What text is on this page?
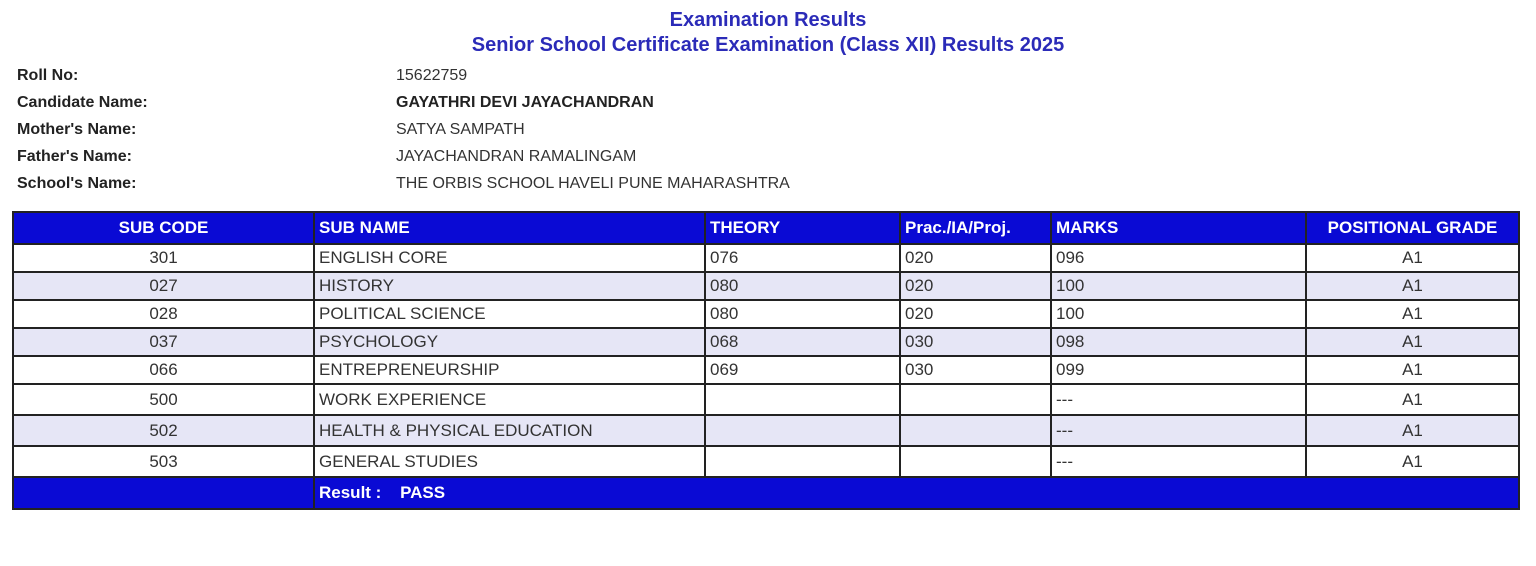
Examination Results
Senior School Certificate Examination (Class XII) Results 2025
Roll No:	15622759
Candidate Name:	GAYATHRI DEVI JAYACHANDRAN
Mother's Name:	SATYA SAMPATH
Father's Name:	JAYACHANDRAN RAMALINGAM
School's Name:	THE ORBIS SCHOOL HAVELI PUNE MAHARASHTRA
SUB CODE	SUB NAME	THEORY	Prac./IA/Proj.	MARKS	POSITIONAL GRADE
301	ENGLISH CORE	076	020	096	A1
027	HISTORY	080	020	100	A1
028	POLITICAL SCIENCE	080	020	100	A1
037	PSYCHOLOGY	068	030	098	A1
066	ENTREPRENEURSHIP	069	030	099	A1
500	WORK EXPERIENCE			---	A1
502	HEALTH & PHYSICAL EDUCATION			---	A1
503	GENERAL STUDIES			---	A1
	Result : PASS				
